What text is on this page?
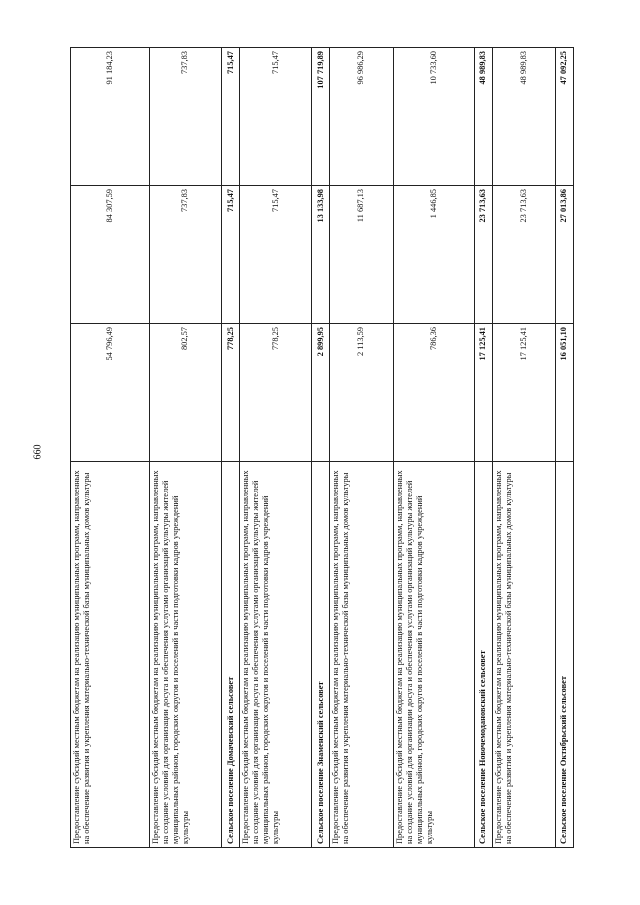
660
Предоставление субсидий местным бюджетам на реализацию муниципальных программ, направленных на обеспечение развития и укрепления материально-технической базы муниципальных домов культуры	54 796,49	84 307,59	91 184,23
Предоставление субсидий местным бюджетам на реализацию муниципальных программ, направленных на создание условий для организации досуга и обеспечения услугами организаций культуры жителей муниципальных районов, городских округов и поселений в части подготовки кадров учреждений культуры	802,57	737,83	737,83
Сельское поселение Домачевский сельсовет	778,25	715,47	715,47
Предоставление субсидий местным бюджетам на реализацию муниципальных программ, направленных на создание условий для организации досуга и обеспечения услугами организаций культуры жителей муниципальных районов, городских округов и поселений в части подготовки кадров учреждений культуры	778,25	715,47	715,47
Сельское поселение Знаменский сельсовет	2 899,95	13 133,98	107 719,89
Предоставление субсидий местным бюджетам на реализацию муниципальных программ, направленных на обеспечение развития и укрепления материально-технической базы муниципальных домов культуры	2 113,59	11 687,13	96 986,29
Предоставление субсидий местным бюджетам на реализацию муниципальных программ, направленных на создание условий для организации досуга и обеспечения услугами организаций культуры жителей муниципальных районов, городских округов и поселений в части подготовки кадров учреждений культуры	786,36	1 446,85	10 733,60
Сельское поселение Новочемодановский сельсовет	17 125,41	23 713,63	48 989,83
Предоставление субсидий местным бюджетам на реализацию муниципальных программ, направленных на обеспечение развития и укрепления материально-технической базы муниципальных домов культуры	17 125,41	23 713,63	48 989,83
Сельское поселение Октябрьский сельсовет	16 051,10	27 013,86	47 092,25
